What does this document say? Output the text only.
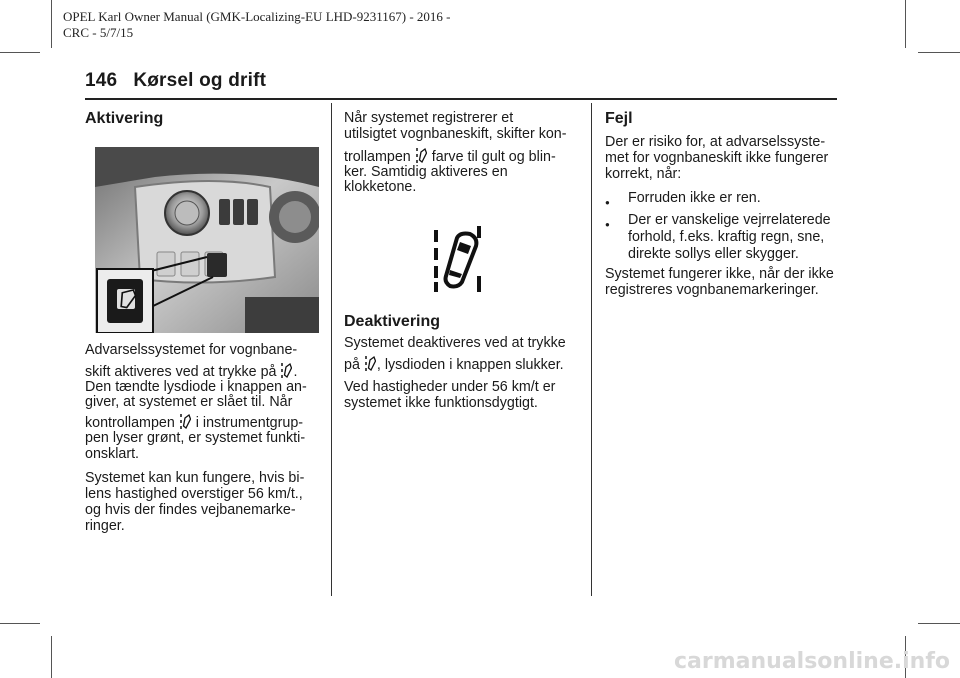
OPEL Karl Owner Manual (GMK-Localizing-EU LHD-9231167) - 2016 -
CRC - 5/7/15
146 Kørsel og drift
Aktivering

Advarselssystemet for vognbane-

skift aktiveres ved at trykke på .

Den tændte lysdiode i knappen an-

giver, at systemet er slået til. Når

kontrollampen i instrumentgrup-

pen lyser grønt, er systemet funkti-

onsklart.

Systemet kan kun fungere, hvis bi-

lens hastighed overstiger 56 km/t.,

og hvis der findes vejbanemarke-

ringer.

Når systemet registrerer et

utilsigtet vognbaneskift, skifter kon-

trollampen farve til gult og blin-

ker. Samtidig aktiveres en

klokketone.

Deaktivering

Systemet deaktiveres ved at trykke

på , lysdioden i knappen slukker.

Ved hastigheder under 56 km/t er

systemet ikke funktionsdygtigt.

Fejl

Der er risiko for, at advarselssyste-

met for vognbaneskift ikke fungerer

korrekt, når:

● Forruden ikke er ren.
● Der er vanskelige vejrrelaterede
forhold, f.eks. kraftig regn, sne,
direkte sollys eller skygger.

Systemet fungerer ikke, når der ikke

registreres vognbanemarkeringer.

carmanualsonline.info
